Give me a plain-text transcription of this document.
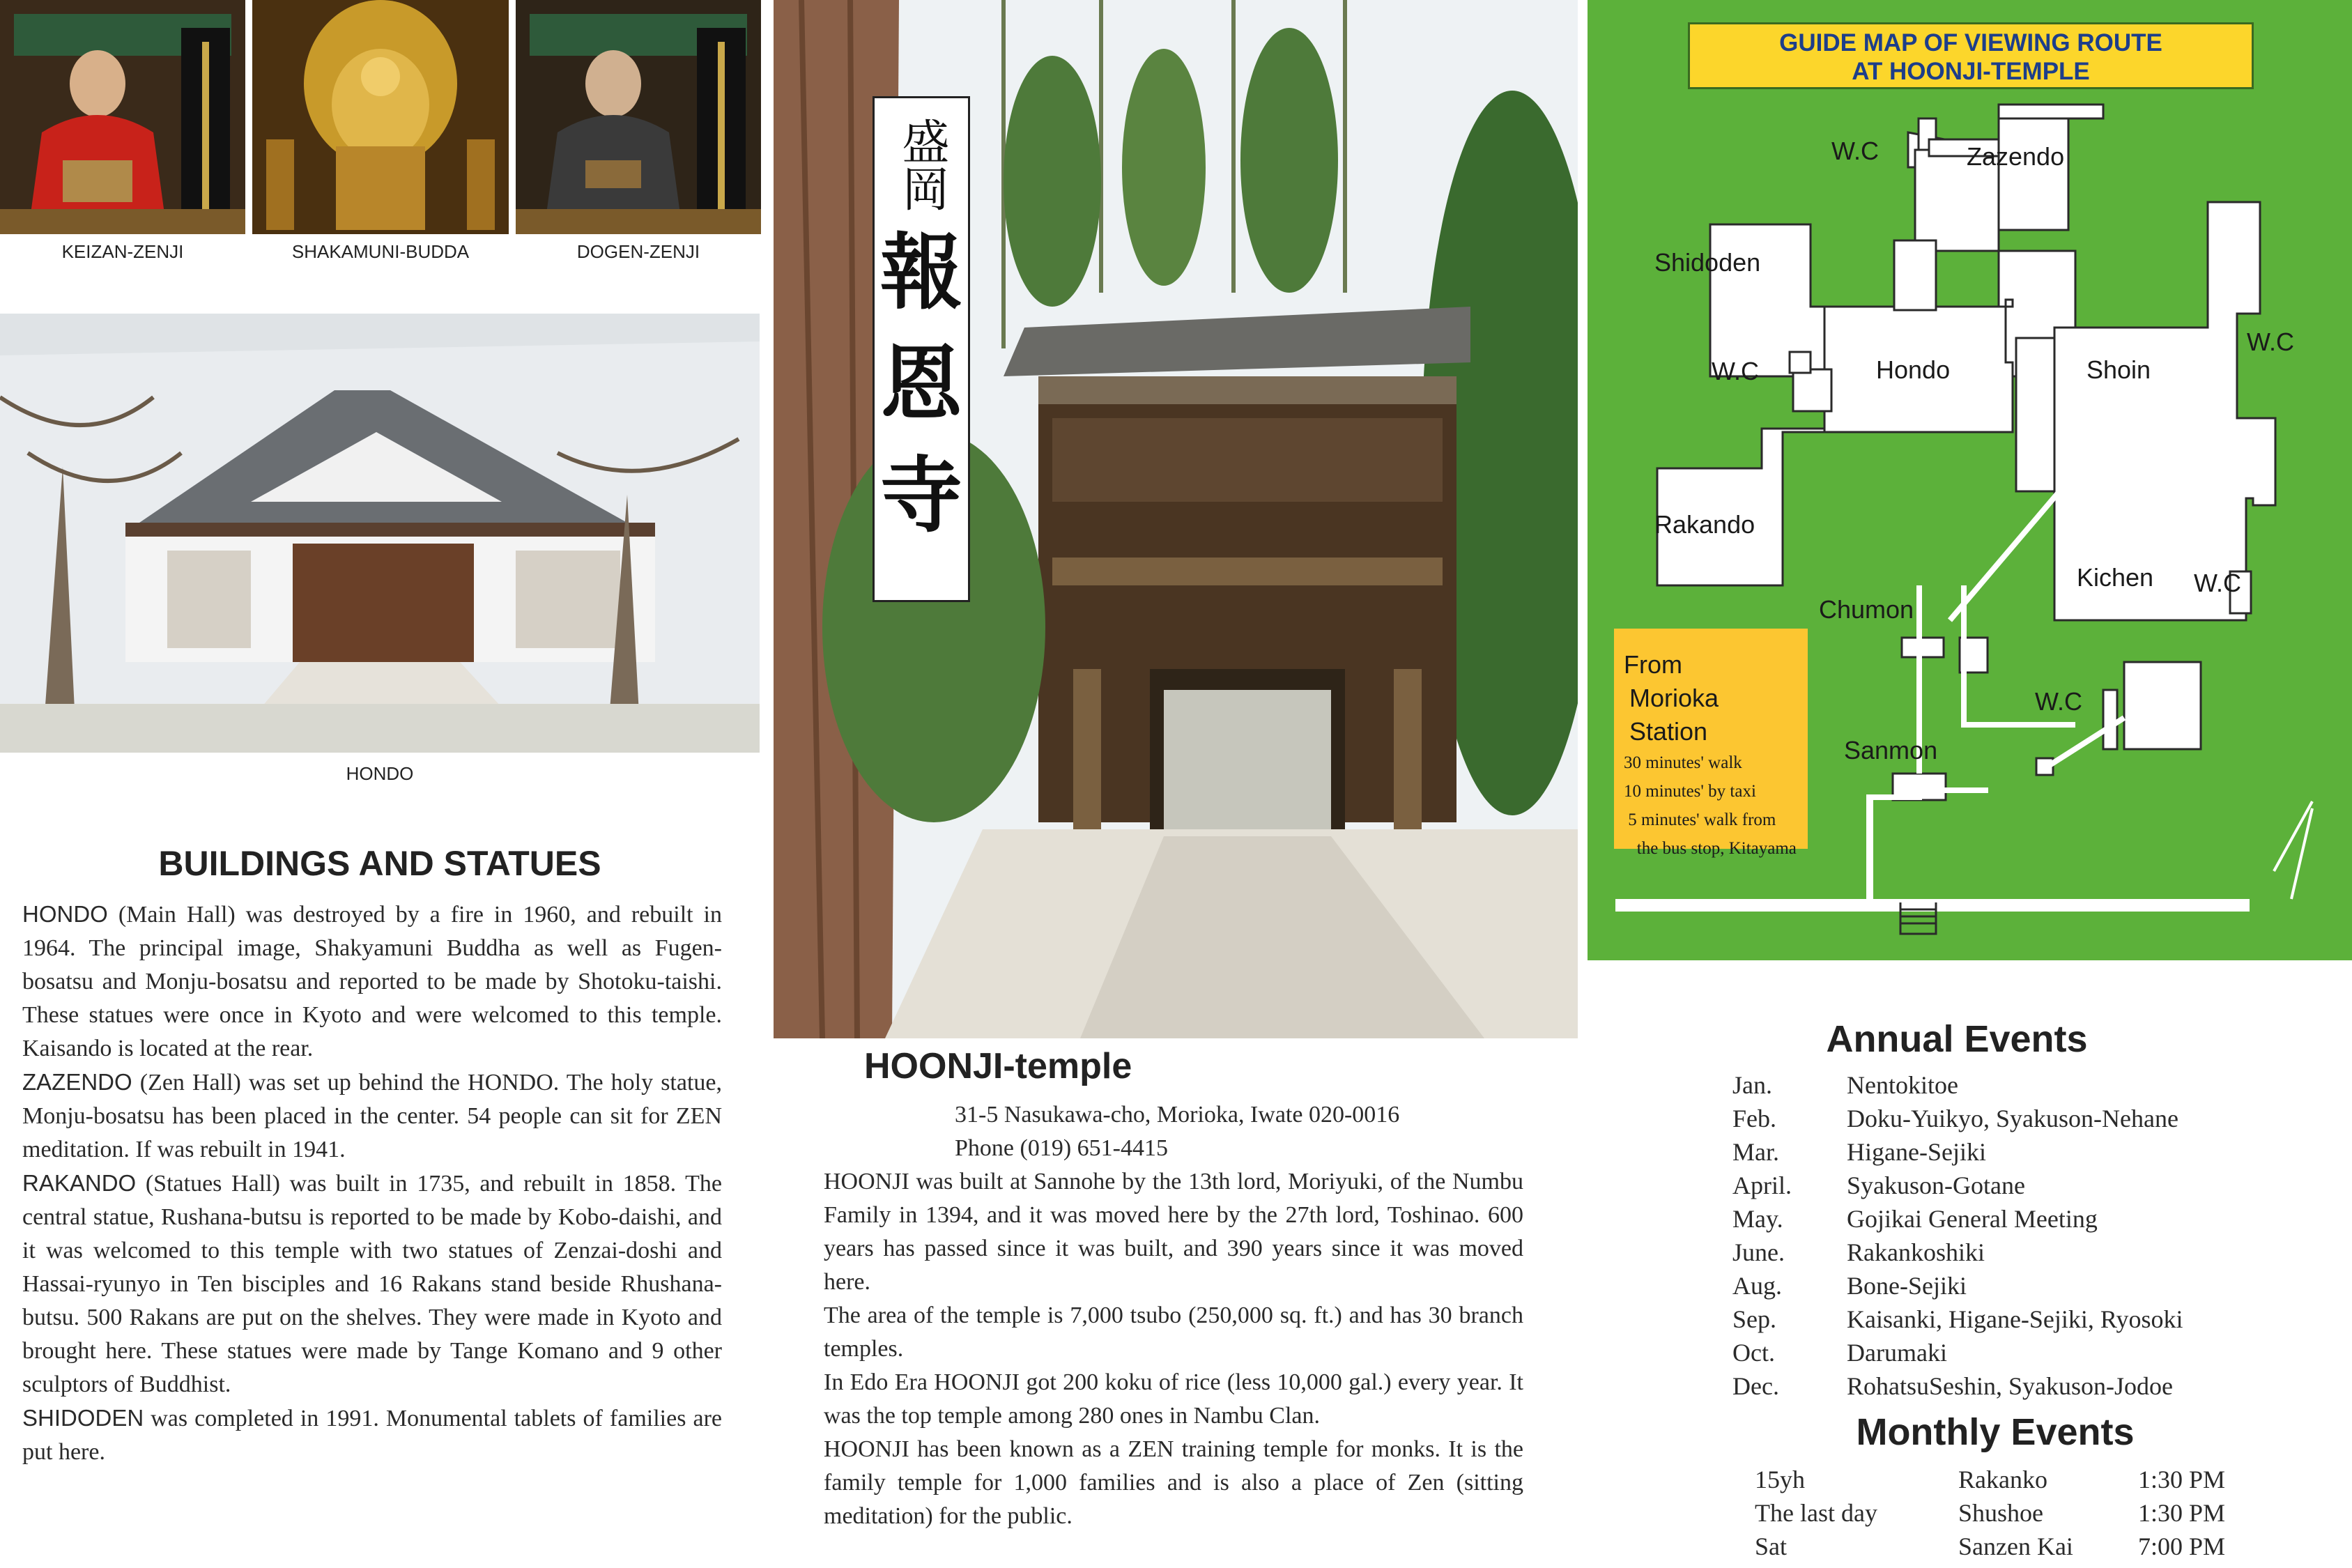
KEIZAN-ZENJI	SHAKAMUNI-BUDDA	DOGEN-ZENJI
HONDO
BUILDINGS AND STATUES

HONDO (Main Hall) was destroyed by a fire in 1960, and rebuilt in 1964. The principal image, Shakyamuni Buddha as well as Fugen-bosatsu and Monju-bosatsu and reported to be made by Shotoku-taishi. These statues were once in Kyoto and were welcomed to this temple. Kaisando is located at the rear.

ZAZENDO (Zen Hall) was set up behind the HONDO. The holy statue, Monju-bosatsu has been placed in the center. 54 people can sit for ZEN meditation. If was rebuilt in 1941.

RAKANDO (Statues Hall) was built in 1735, and rebuilt in 1858. The central statue, Rushana-butsu is reported to be made by Kobo-daishi, and it was welcomed to this temple with two statues of Zenzai-doshi and Hassai-ryunyo in Ten bisciples and 16 Rakans stand beside Rhushana-butsu. 500 Rakans are put on the shelves. They were made in Kyoto and brought here. These statues were made by Tange Komano and 9 other sculptors of Buddhist.

SHIDODEN was completed in 1991. Monumental tablets of families are put here.

盛岡
報
恩
寺
HOONJI-temple
31-5 Nasukawa-cho, Morioka, Iwate 020-0016
Phone (019) 651-4415

HOONJI was built at Sannohe by the 13th lord, Moriyuki, of the Numbu Family in 1394, and it was moved here by the 27th lord, Toshinao. 600 years has passed since it was built, and 390 years since it was moved here.

The area of the temple is 7,000 tsubo (250,000 sq. ft.) and has 30 branch temples.

In Edo Era HOONJI got 200 koku of rice (less 10,000 gal.) every year. It was the top temple among 280 ones in Nambu Clan.

HOONJI has been known as a ZEN training temple for monks. It is the family temple for 1,000 families and is also a place of Zen (sitting meditation) for the public.

GUIDE MAP OF VIEWING ROUTE
AT HOONJI-TEMPLE
W.C	Zazendo
Shidoden
W.C
W.C	Hondo	Shoin
Rakando
Kichen W.C
Chumon
W.C
Sanmon
From
Morioka Station
30 minutes' walk
10 minutes' by taxi
5 minutes' walk from
the bus stop, Kitayama
Annual Events
Jan.	Nentokitoe
Feb.	Doku-Yuikyo, Syakuson-Nehane
Mar.	Higane-Sejiki
April. Syakuson-Gotane
May.	Gojikai General Meeting
June. Rakankoshiki
Aug.	Bone-Sejiki
Sep.	Kaisanki, Higane-Sejiki, Ryosoki
Oct.	Darumaki
Dec.	RohatsuSeshin, Syakuson-Jodoe
Monthly Events
15yh	Rakanko	1:30 PM
The last day	Shushoe	1:30 PM
Sat	Sanzen Kai	7:00 PM
